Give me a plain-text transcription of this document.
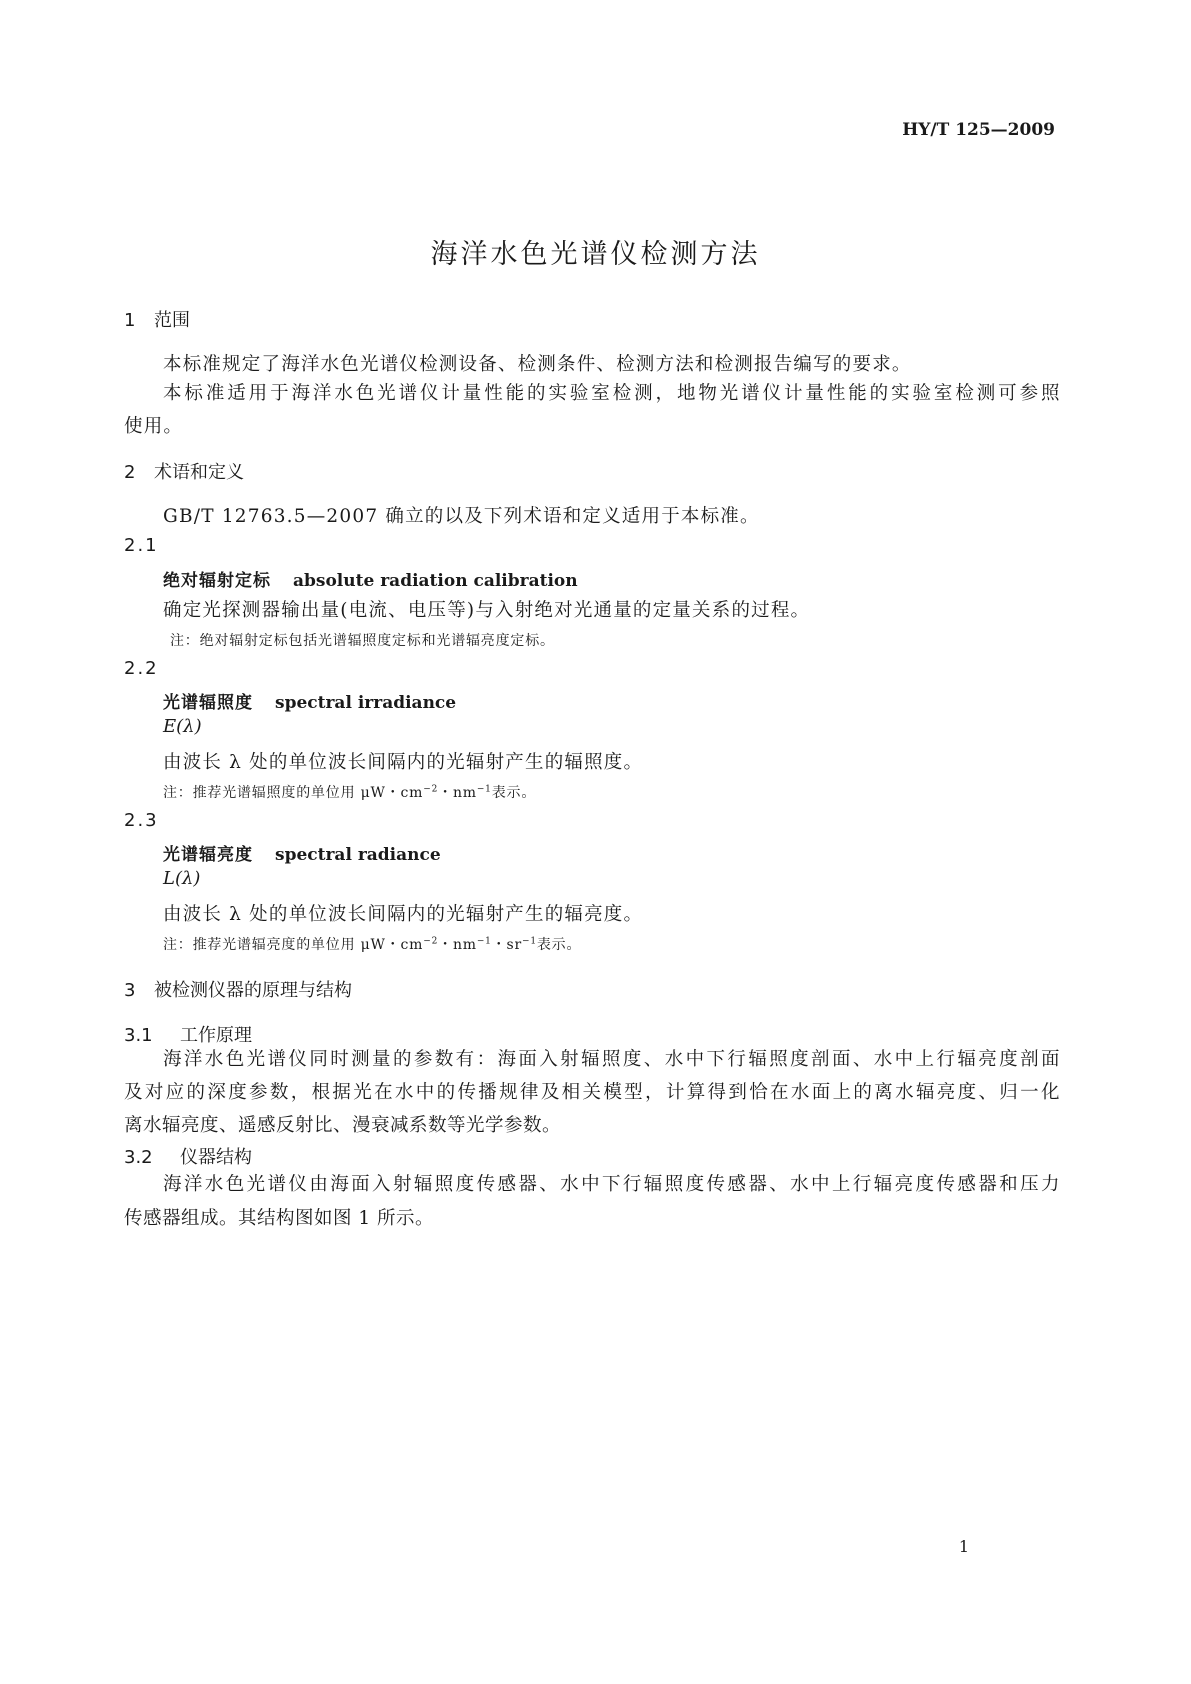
HY/T 125—2009
海洋水色光谱仪检测方法
1 范围
本标准规定了海洋水色光谱仪检测设备、检测条件、检测方法和检测报告编写的要求。
本标准适用于海洋水色光谱仪计量性能的实验室检测，地物光谱仪计量性能的实验室检测可参照
使用。
2 术语和定义
GB/T 12763.5—2007 确立的以及下列术语和定义适用于本标准。
2.1
绝对辐射定标 absolute radiation calibration
确定光探测器输出量(电流、电压等)与入射绝对光通量的定量关系的过程。
注：绝对辐射定标包括光谱辐照度定标和光谱辐亮度定标。
2.2
光谱辐照度 spectral irradiance
E(λ)
由波长 λ 处的单位波长间隔内的光辐射产生的辐照度。
注：推荐光谱辐照度的单位用 μW・$cm^{-2}$・$nm^{-1}$表示。
2.3
光谱辐亮度 spectral radiance
L(λ)
由波长 λ 处的单位波长间隔内的光辐射产生的辐亮度。
注：推荐光谱辐亮度的单位用 μW・$cm^{-2}$・$nm^{-1}$・$sr^{-1}$表示。
3 被检测仪器的原理与结构
3.1 工作原理
海洋水色光谱仪同时测量的参数有：海面入射辐照度、水中下行辐照度剖面、水中上行辐亮度剖面
及对应的深度参数，根据光在水中的传播规律及相关模型，计算得到恰在水面上的离水辐亮度、归一化
离水辐亮度、遥感反射比、漫衰减系数等光学参数。
3.2 仪器结构
海洋水色光谱仪由海面入射辐照度传感器、水中下行辐照度传感器、水中上行辐亮度传感器和压力
传感器组成。其结构图如图 1 所示。
1
